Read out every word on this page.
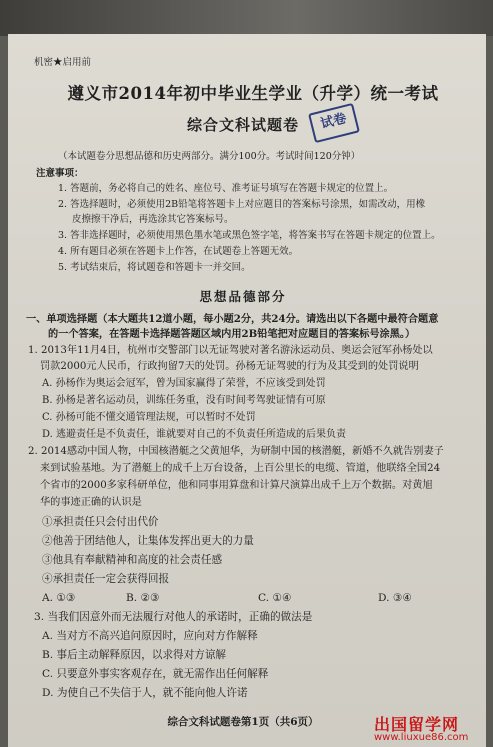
机密★启用前
遵义市2014年初中毕业生学业（升学）统一考试
综合文科试题卷	试卷
（本试题卷分思想品德和历史两部分。满分100分。考试时间120分钟）
注意事项：
1. 答题前，务必将自己的姓名、座位号、准考证号填写在答题卡规定的位置上。
2. 答选择题时，必须使用2B铅笔将答题卡上对应题目的答案标号涂黑，如需改动，用橡
皮擦擦干净后，再选涂其它答案标号。
3. 答非选择题时，必须使用黑色墨水笔或黑色签字笔，将答案书写在答题卡规定的位置上。
4. 所有题目必须在答题卡上作答，在试题卷上答题无效。
5. 考试结束后，将试题卷和答题卡一并交回。
思想品德部分
一、单项选择题（本大题共12道小题，每小题2分，共24分。请选出以下各题中最符合题意
的一个答案，在答题卡选择题答题区域内用2B铅笔把对应题目的答案标号涂黑。）
1. 2013年11月4日，杭州市交警部门以无证驾驶对著名游泳运动员、奥运会冠军孙杨处以
罚款2000元人民币，行政拘留7天的处罚。孙杨无证驾驶的行为及其受到的处罚说明
A. 孙杨作为奥运会冠军，曾为国家赢得了荣誉，不应该受到处罚
B. 孙杨是著名运动员，训练任务重，没有时间考驾驶证情有可原
C. 孙杨可能不懂交通管理法规，可以暂时不处罚
D. 逃避责任是不负责任，谁就要对自己的不负责任所造成的后果负责
2. 2014感动中国人物，中国核潜艇之父黄旭华，为研制中国的核潜艇，新婚不久就告别妻子
来到试验基地。为了潜艇上的成千上万台设备，上百公里长的电缆、管道，他联络全国24
个省市的2000多家科研单位，他和同事用算盘和计算尺演算出成千上万个数据。对黄旭
华的事迹正确的认识是
①承担责任只会付出代价
②他善于团结他人，让集体发挥出更大的力量
③他具有奉献精神和高度的社会责任感
④承担责任一定会获得回报
A. ①③	B. ②③	C. ①④	D. ③④
3. 当我们因意外而无法履行对他人的承诺时，正确的做法是
A. 当对方不高兴追问原因时，应向对方作解释
B. 事后主动解释原因，以求得对方谅解
C. 只要意外事实客观存在，就无需作出任何解释
D. 为使自己不失信于人，就不能向他人许诺
综合文科试题卷第1页（共6页）	出国留学网
www.liuxue86.com
